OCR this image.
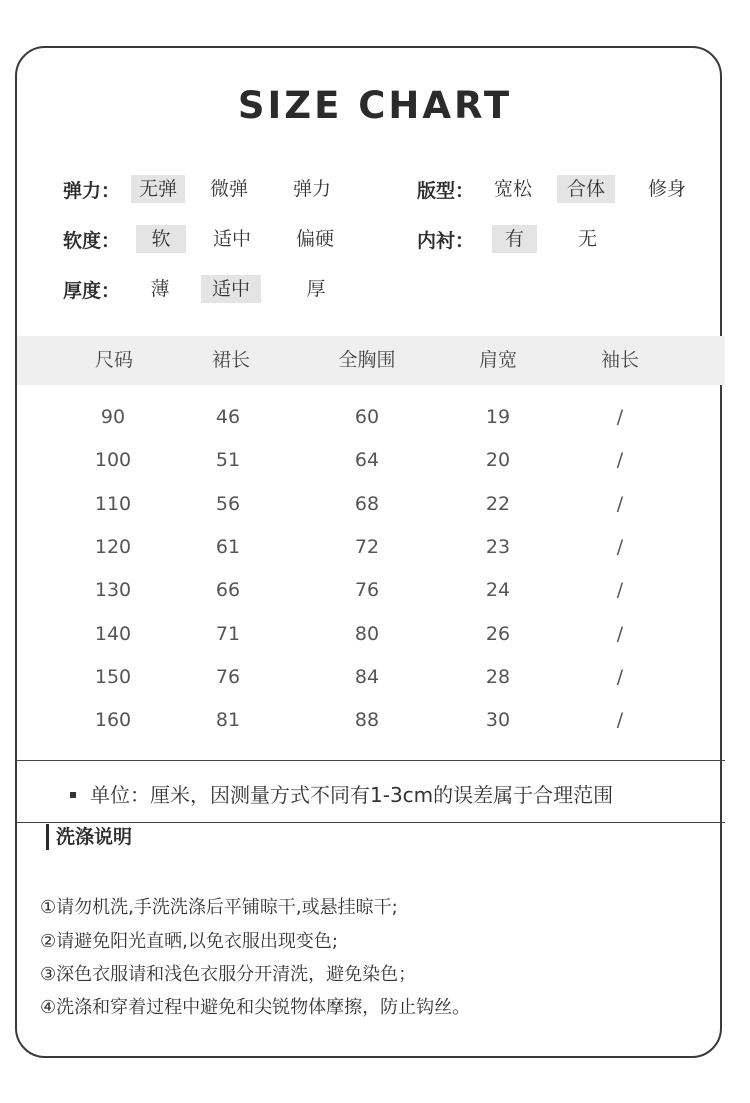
SIZE CHART
弹力： 无弹	微弹	弹力	版型：	宽松	合体	修身
软度：	软	适中	偏硬	内衬：	有	无
厚度：	薄	适中	厚
尺码	裙长	全胸围	肩宽	袖长
90	46	60	19	/
100	51	64	20	/
110	56	68	22	/
120	61	72	23	/
130	66	76	24	/
140	71	80	26	/
150	76	84	28	/
160	81	88	30	/
单位：厘米，因测量方式不同有1-3cm的误差属于合理范围
洗涤说明
①请勿机洗,手洗洗涤后平铺晾干,或悬挂晾干;
②请避免阳光直晒,以免衣服出现变色;
③深色衣服请和浅色衣服分开清洗，避免染色；
④洗涤和穿着过程中避免和尖锐物体摩擦，防止钩丝。
